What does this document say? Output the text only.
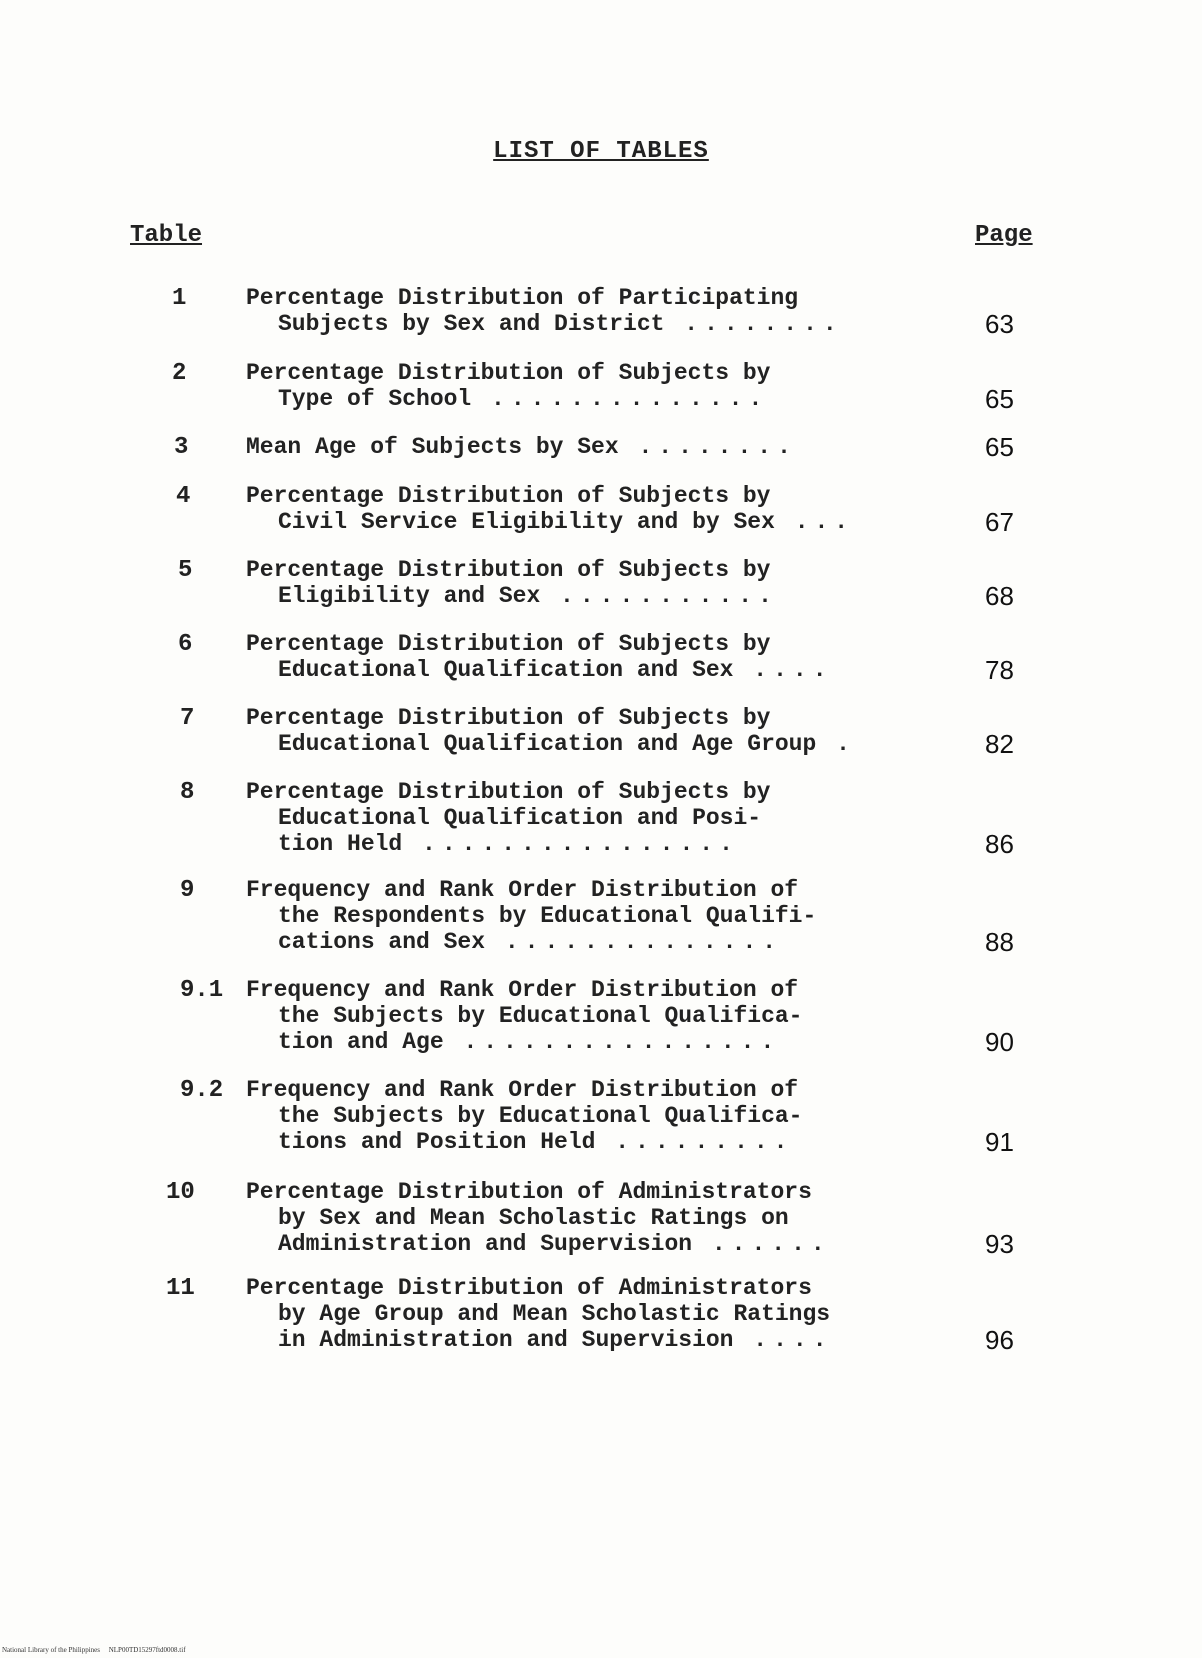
LIST OF TABLES
Table	Page
1	Percentage Distribution of Participating
Subjects by Sex and District ........	63
2	Percentage Distribution of Subjects by
Type of School ..............	65
3	Mean Age of Subjects by Sex ........	65
4 Percentage Distribution of Subjects by
Civil Service Eligibility and by Sex ...	67
5 Percentage Distribution of Subjects by
Eligibility and Sex ...........	68
6 Percentage Distribution of Subjects by
Educational Qualification and Sex ....	78
7 Percentage Distribution of Subjects by
Educational Qualification and Age Group .	82
8 Percentage Distribution of Subjects by
Educational Qualification and Posi-
tion Held ................	86
9 Frequency and Rank Order Distribution of
the Respondents by Educational Qualifi-
cations and Sex ..............	88
9.1 Frequency and Rank Order Distribution of
the Subjects by Educational Qualifica-
tion and Age ................	90
9.2 Frequency and Rank Order Distribution of
the Subjects by Educational Qualifica-
tions and Position Held .........	91
10 Percentage Distribution of Administrators
by Sex and Mean Scholastic Ratings on
Administration and Supervision ......	93
11 Percentage Distribution of Administrators
by Age Group and Mean Scholastic Ratings
in Administration and Supervision ....	96
National Library of the Philippines     NLP00TD15297ftd0008.tif
